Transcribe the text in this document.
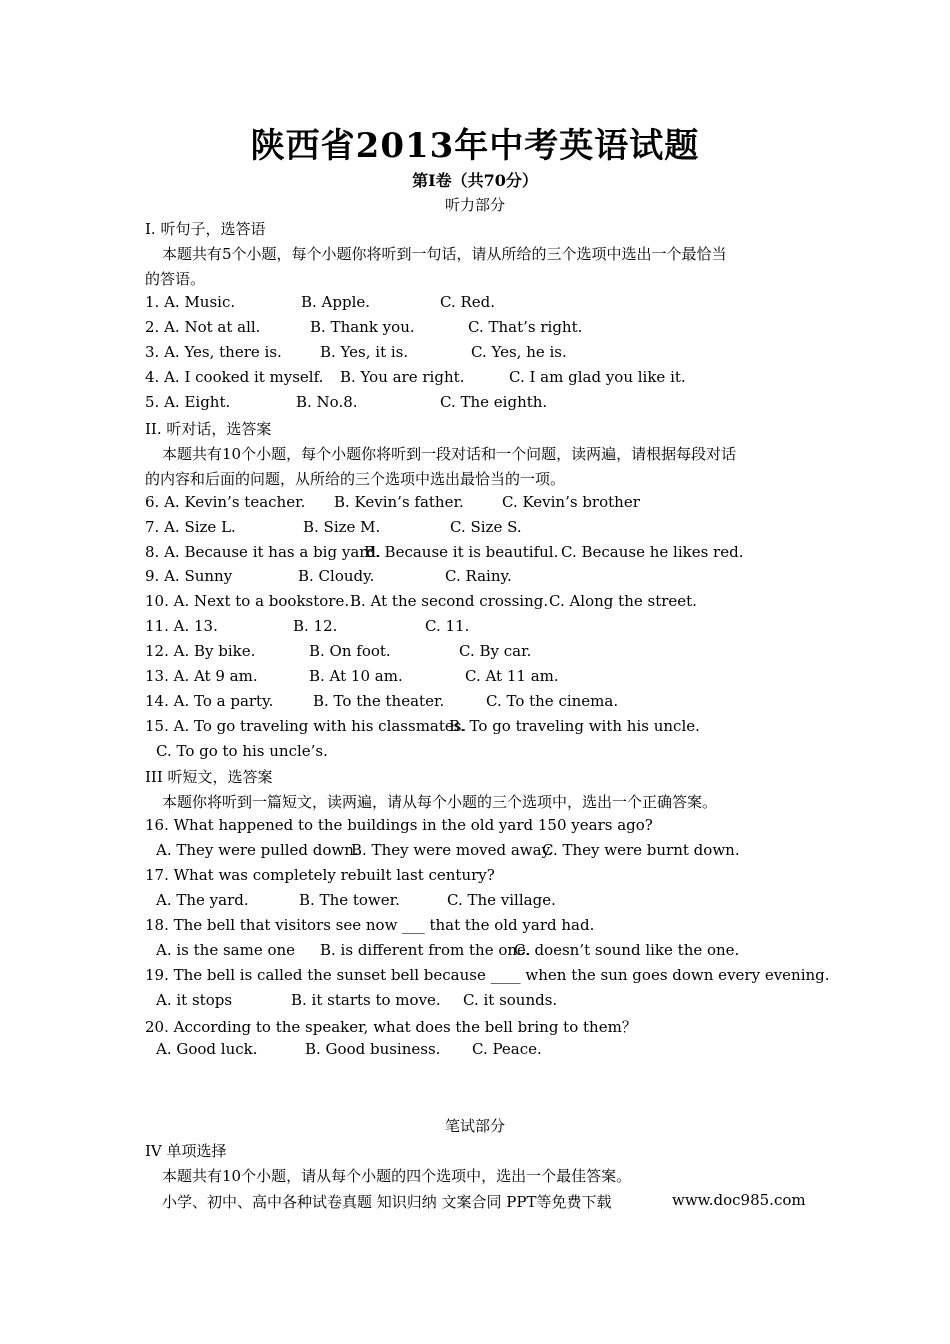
陕西省2013年中考英语试题
第I卷（共70分）
听力部分
I. 听句子，选答语
本题共有5个小题，每个小题你将听到一句话，请从所给的三个选项中选出一个最恰当
的答语。
1. A. Music.	B. Apple.	C. Red.
2. A. Not at all.	B. Thank you.	C. That’s right.
3. A. Yes, there is.	B. Yes, it is.	C. Yes, he is.
4. A. I cooked it myself. B. You are right.	C. I am glad you like it.
5. A. Eight.	B. No.8.	C. The eighth.
II. 听对话，选答案
本题共有10个小题，每个小题你将听到一段对话和一个问题，读两遍，请根据每段对话
的内容和后面的问题，从所给的三个选项中选出最恰当的一项。
6. A. Kevin’s teacher. B. Kevin’s father.	C. Kevin’s brother
7. A. Size L.	B. Size M.	C. Size S.
8. A. Because it has a big yard.
B. Because it is beautiful. C. Because he likes red.
9. A. Sunny	B. Cloudy.	C. Rainy.
10. A. Next to a bookstore. B. At the second crossing. C. Along the street.
11. A. 13.	B. 12.	C. 11.
12. A. By bike.	B. On foot.	C. By car.
13. A. At 9 am.	B. At 10 am.	C. At 11 am.
14. A. To a party.	B. To the theater.	C. To the cinema.
15. A. To go traveling with his classmates.
B. To go traveling with his uncle.
C. To go to his uncle’s.
III 听短文，选答案
本题你将听到一篇短文，读两遍，请从每个小题的三个选项中，选出一个正确答案。
16. What happened to the buildings in the old yard 150 years ago?
A. They were pulled down.
B. They were moved away.
C. They were burnt down.
17. What was completely rebuilt last century?
A. The yard.	B. The tower.	C. The village.
18. The bell that visitors see now ___ that the old yard had.
A. is the same one B. is different from the one.
C. doesn’t sound like the one.
19. The bell is called the sunset bell because ____ when the sun goes down every evening.
A. it stops	B. it starts to move. C. it sounds.
20. According to the speaker, what does the bell bring to them？
A. Good luck.	B. Good business. C. Peace.
笔试部分
IV 单项选择
本题共有10个小题，请从每个小题的四个选项中，选出一个最佳答案。
小学、初中、高中各种试卷真题 知识归纳 文案合同 PPT等免费下载	www.doc985.com
